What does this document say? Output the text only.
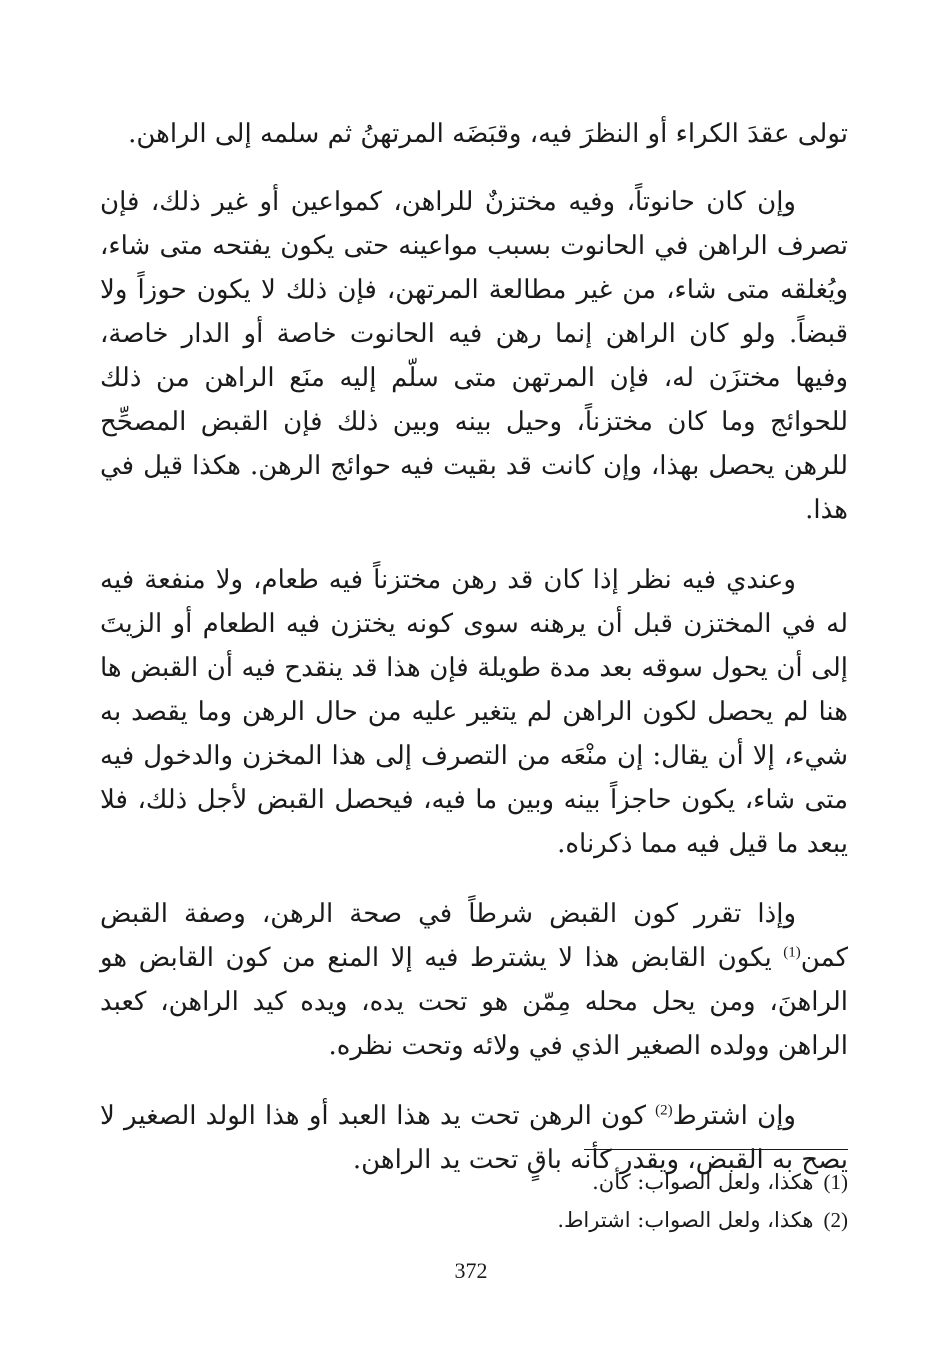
تولى عقدَ الكراء أو النظرَ فيه، وقبَضَه المرتهنُ ثم سلمه إلى الراهن.

وإن كان حانوتاً، وفيه مختزنٌ للراهن، كمواعين أو غير ذلك، فإن تصرف الراهن في الحانوت بسبب مواعينه حتى يكون يفتحه متى شاء، ويُغلقه متى شاء، من غير مطالعة المرتهن، فإن ذلك لا يكون حوزاً ولا قبضاً. ولو كان الراهن إنما رهن فيه الحانوت خاصة أو الدار خاصة، وفيها مختزَن له، فإن المرتهن متى سلّم إليه منَع الراهن من ذلك للحوائج وما كان مختزناً، وحيل بينه وبين ذلك فإن القبض المصحِّح للرهن يحصل بهذا، وإن كانت قد بقيت فيه حوائج الرهن. هكذا قيل في هذا.

وعندي فيه نظر إذا كان قد رهن مختزناً فيه طعام، ولا منفعة فيه له في المختزن قبل أن يرهنه سوى كونه يختزن فيه الطعام أو الزيتَ إلى أن يحول سوقه بعد مدة طويلة فإن هذا قد ينقدح فيه أن القبض ها هنا لم يحصل لكون الراهن لم يتغير عليه من حال الرهن وما يقصد به شيء، إلا أن يقال: إن منْعَه من التصرف إلى هذا المخزن والدخول فيه متى شاء، يكون حاجزاً بينه وبين ما فيه، فيحصل القبض لأجل ذلك، فلا يبعد ما قيل فيه مما ذكرناه.

وإذا تقرر كون القبض شرطاً في صحة الرهن، وصفة القبض كمن$^{(1)}$ يكون القابض هذا لا يشترط فيه إلا المنع من كون القابض هو الراهنَ، ومن يحل محله مِمّن هو تحت يده، ويده كيد الراهن، كعبد الراهن وولده الصغير الذي في ولائه وتحت نظره.

وإن اشترط$^{(2)}$ كون الرهن تحت يد هذا العبد أو هذا الولد الصغير لا يصح به القبض، ويقدر كأنه باقٍ تحت يد الراهن.

(1)هكذا، ولعل الصواب: كأن.
(2)هكذا، ولعل الصواب: اشتراط.
372
